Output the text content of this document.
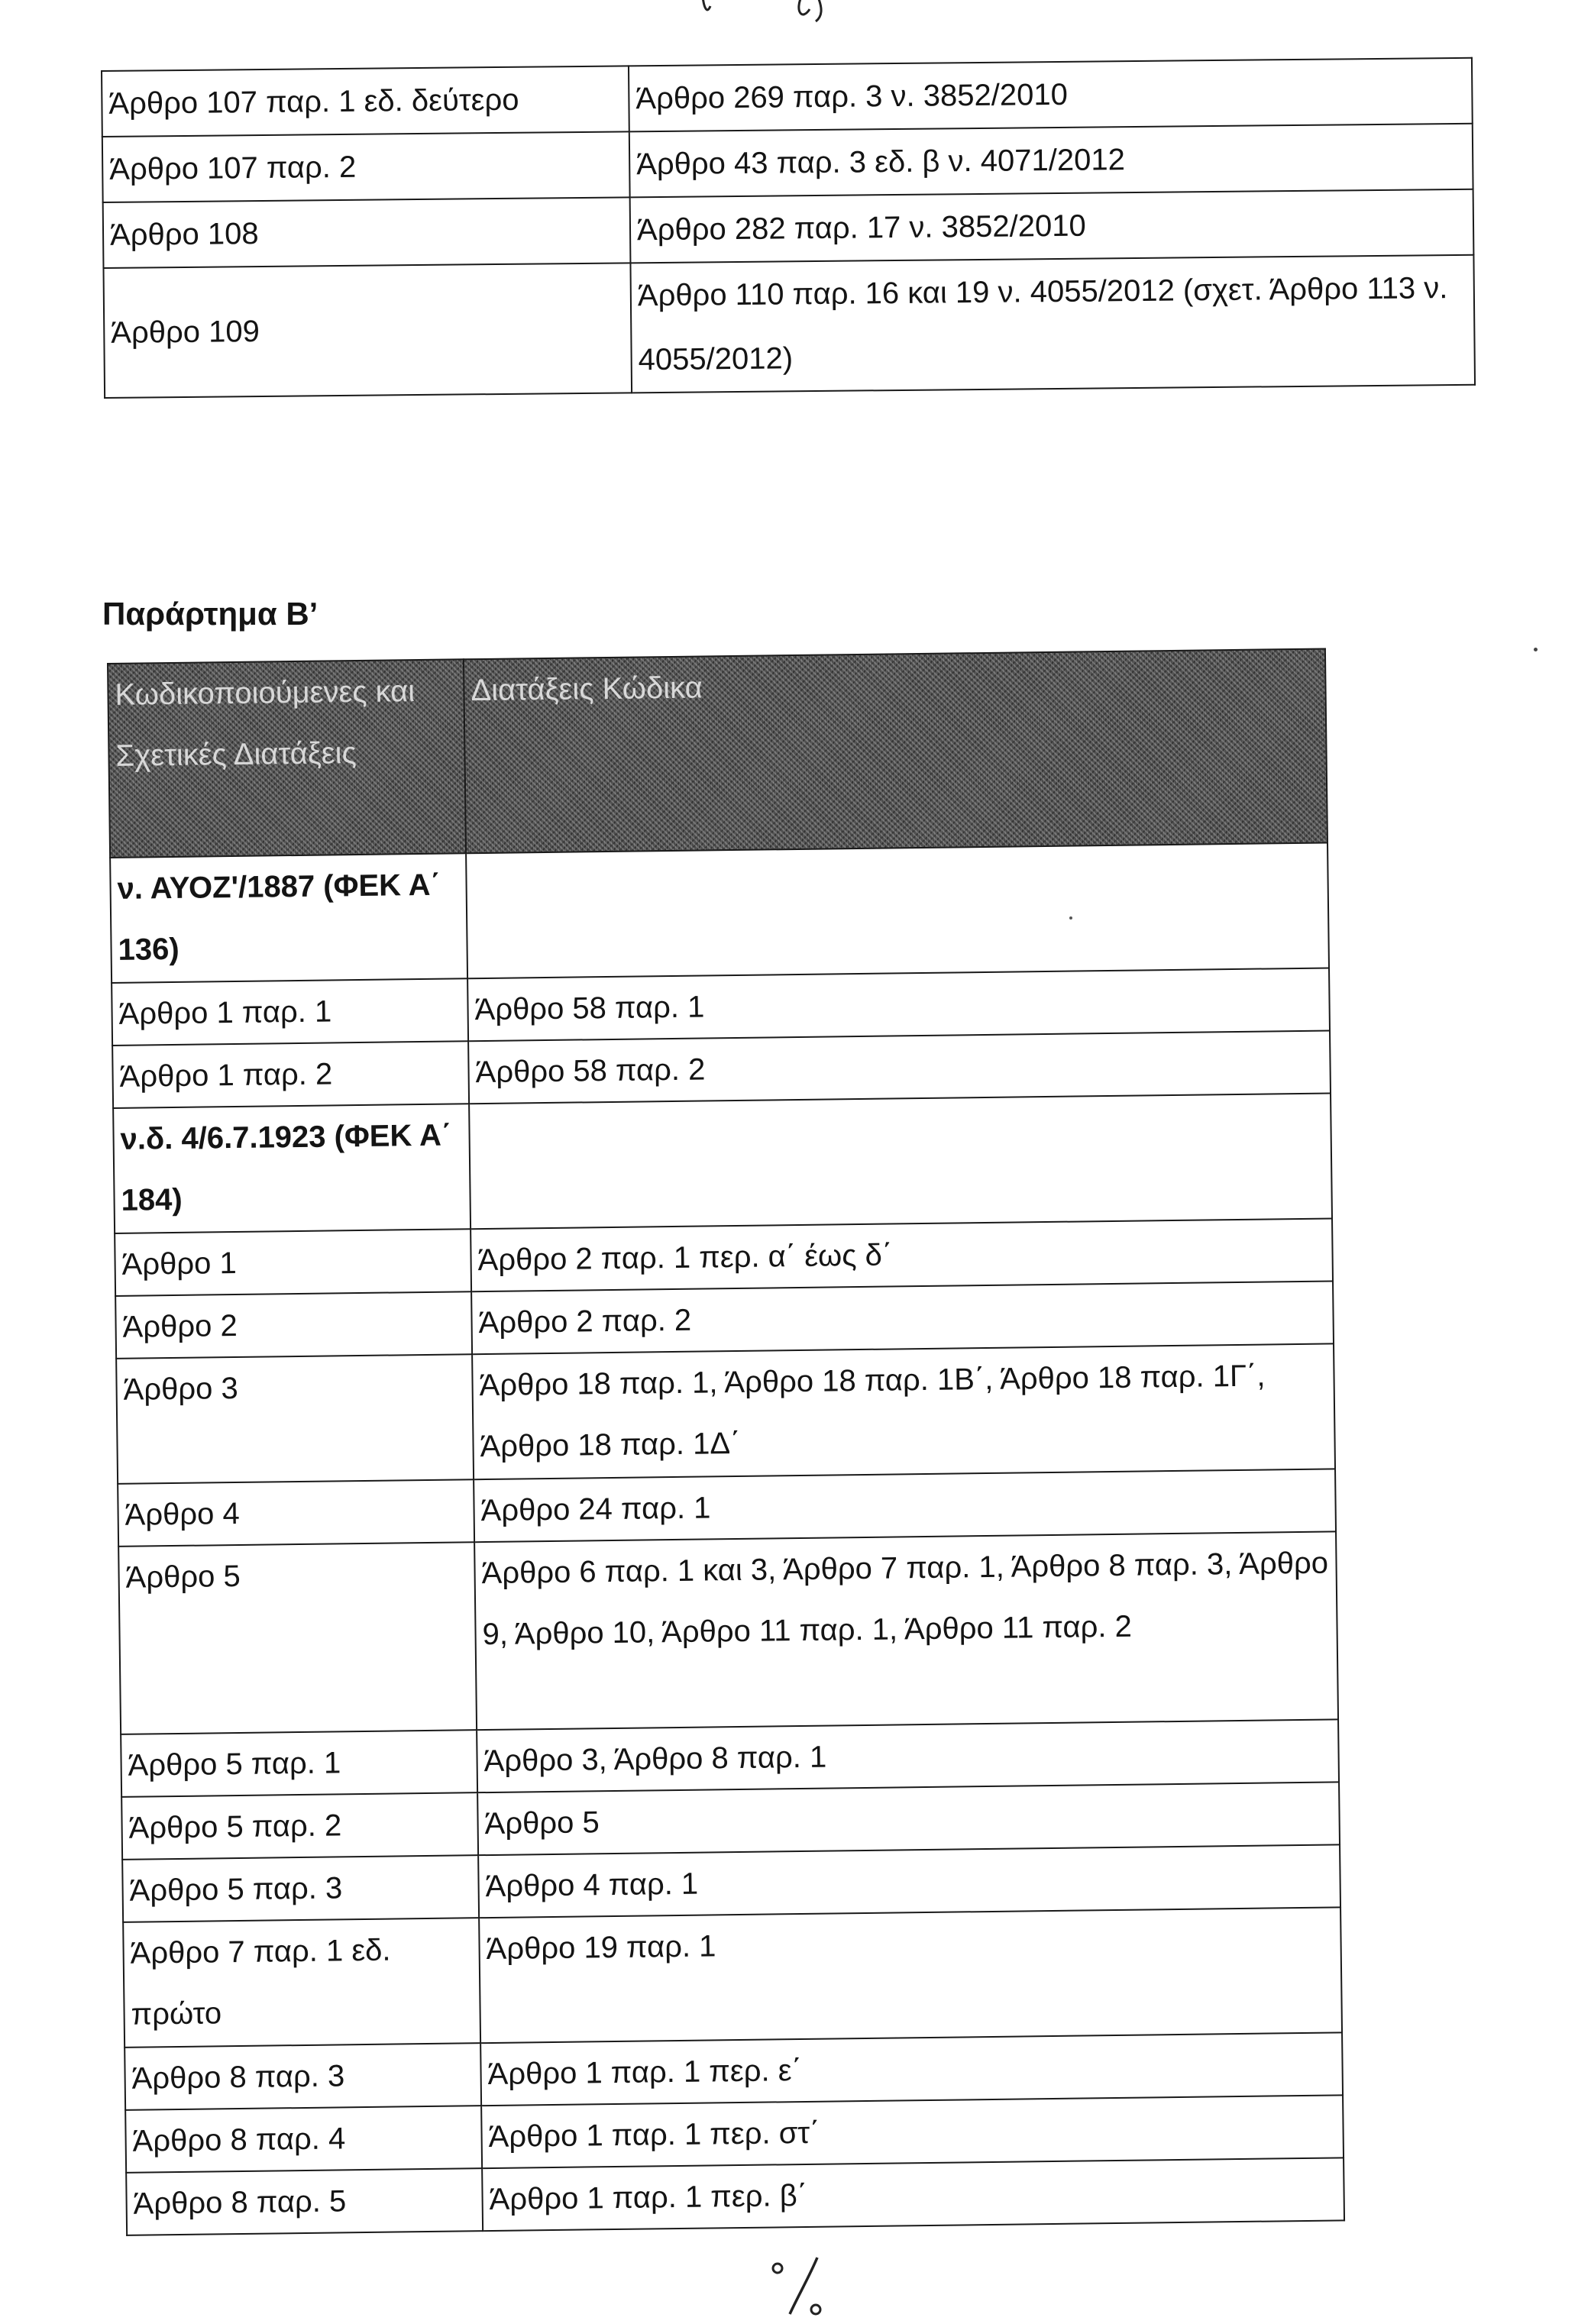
Άρθρο 107 παρ. 1 εδ. δεύτερο	Άρθρο 269 παρ. 3 ν. 3852/2010
Άρθρο 107 παρ. 2	Άρθρο 43 παρ. 3 εδ. β ν. 4071/2012
Άρθρο 108	Άρθρο 282 παρ. 17 ν. 3852/2010
Άρθρο 109	Άρθρο 110 παρ. 16 και 19 ν. 4055/2012 (σχετ. Άρθρο 113 ν. 4055/2012)
Παράρτημα Β’
Κωδικοποιούμενες και Σχετικές Διατάξεις	Διατάξεις Κώδικα
ν. ΑΥΟΖ'/1887 (ΦΕΚ Α΄ 136)	
Άρθρο 1 παρ. 1	Άρθρο 58 παρ. 1
Άρθρο 1 παρ. 2	Άρθρο 58 παρ. 2
ν.δ. 4/6.7.1923 (ΦΕΚ Α΄ 184)	
Άρθρο 1	Άρθρο 2 παρ. 1 περ. α΄ έως δ΄
Άρθρο 2	Άρθρο 2 παρ. 2
Άρθρο 3	Άρθρο 18 παρ. 1, Άρθρο 18 παρ. 1Β΄, Άρθρο 18 παρ. 1Γ΄, Άρθρο 18 παρ. 1Δ΄
Άρθρο 4	Άρθρο 24 παρ. 1
Άρθρο 5	Άρθρο 6 παρ. 1 και 3, Άρθρο 7 παρ. 1, Άρθρο 8 παρ. 3, Άρθρο 9, Άρθρο 10, Άρθρο 11 παρ. 1, Άρθρο 11 παρ. 2
Άρθρο 5 παρ. 1	Άρθρο 3, Άρθρο 8 παρ. 1
Άρθρο 5 παρ. 2	Άρθρο 5
Άρθρο 5 παρ. 3	Άρθρο 4 παρ. 1
Άρθρο 7 παρ. 1 εδ. πρώτο	Άρθρο 19 παρ. 1
Άρθρο 8 παρ. 3	Άρθρο 1 παρ. 1 περ. ε΄
Άρθρο 8 παρ. 4	Άρθρο 1 παρ. 1 περ. στ΄
Άρθρο 8 παρ. 5	Άρθρο 1 παρ. 1 περ. β΄
